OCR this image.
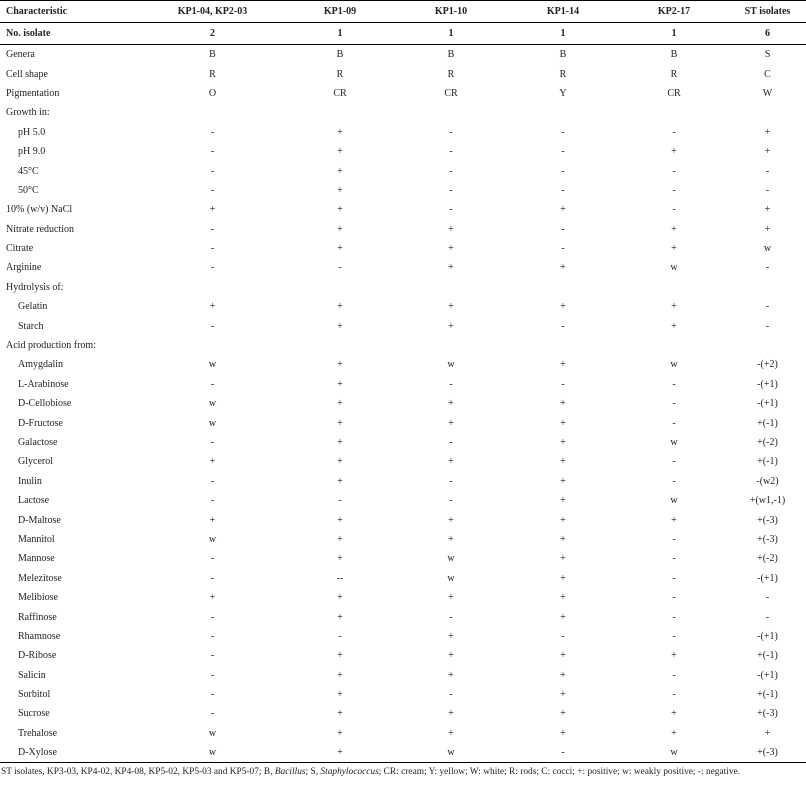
Characteristic	KP1-04, KP2-03	KP1-09	KP1-10	KP1-14	KP2-17	ST isolates
No. isolate	2	1	1	1	1	6
Genera	B	B	B	B	B	S
Cell shape	R	R	R	R	R	C
Pigmentation	O	CR	CR	Y	CR	W
Growth in:						
pH 5.0	-	+	-	-	-	+
pH 9.0	-	+	-	-	+	+
45°C	-	+	-	-	-	-
50°C	-	+	-	-	-	-
10% (w/v) NaCl	+	+	-	+	-	+
Nitrate reduction	-	+	+	-	+	+
Citrate	-	+	+	-	+	w
Arginine	-	-	+	+	w	-
Hydrolysis of:						
Gelatin	+	+	+	+	+	-
Starch	-	+	+	-	+	-
Acid production from:						
Amygdalin	w	+	w	+	w	-(+2)
L-Arabinose	-	+	-	-	-	-(+1)
D-Cellobiose	w	+	+	+	-	-(+1)
D-Fructose	w	+	+	+	-	+(-1)
Galactose	-	+	-	+	w	+(-2)
Glycerol	+	+	+	+	-	+(-1)
Inulin	-	+	-	+	-	-(w2)
Lactose	-	-	-	+	w	+(w1,-1)
D-Maltose	+	+	+	+	+	+(-3)
Mannitol	w	+	+	+	-	+(-3)
Mannose	-	+	w	+	-	+(-2)
Melezitose	-	--	w	+	-	-(+1)
Melibiose	+	+	+	+	-	-
Raffinose	-	+	-	+	-	-
Rhamnose	-	-	+	-	-	-(+1)
D-Ribose	-	+	+	+	+	+(-1)
Salicin	-	+	+	+	-	-(+1)
Sorbitol	-	+	-	+	-	+(-1)
Sucrose	-	+	+	+	+	+(-3)
Trehalose	w	+	+	+	+	+
D-Xylose	w	+	w	-	w	+(-3)
ST isolates, KP3-03, KP4-02, KP4-08, KP5-02, KP5-03 and KP5-07; B, Bacillus; S, Staphylococcus; CR: cream; Y: yellow; W: white; R: rods; C: cocci; +: positive; w: weakly positive; -: negative.
